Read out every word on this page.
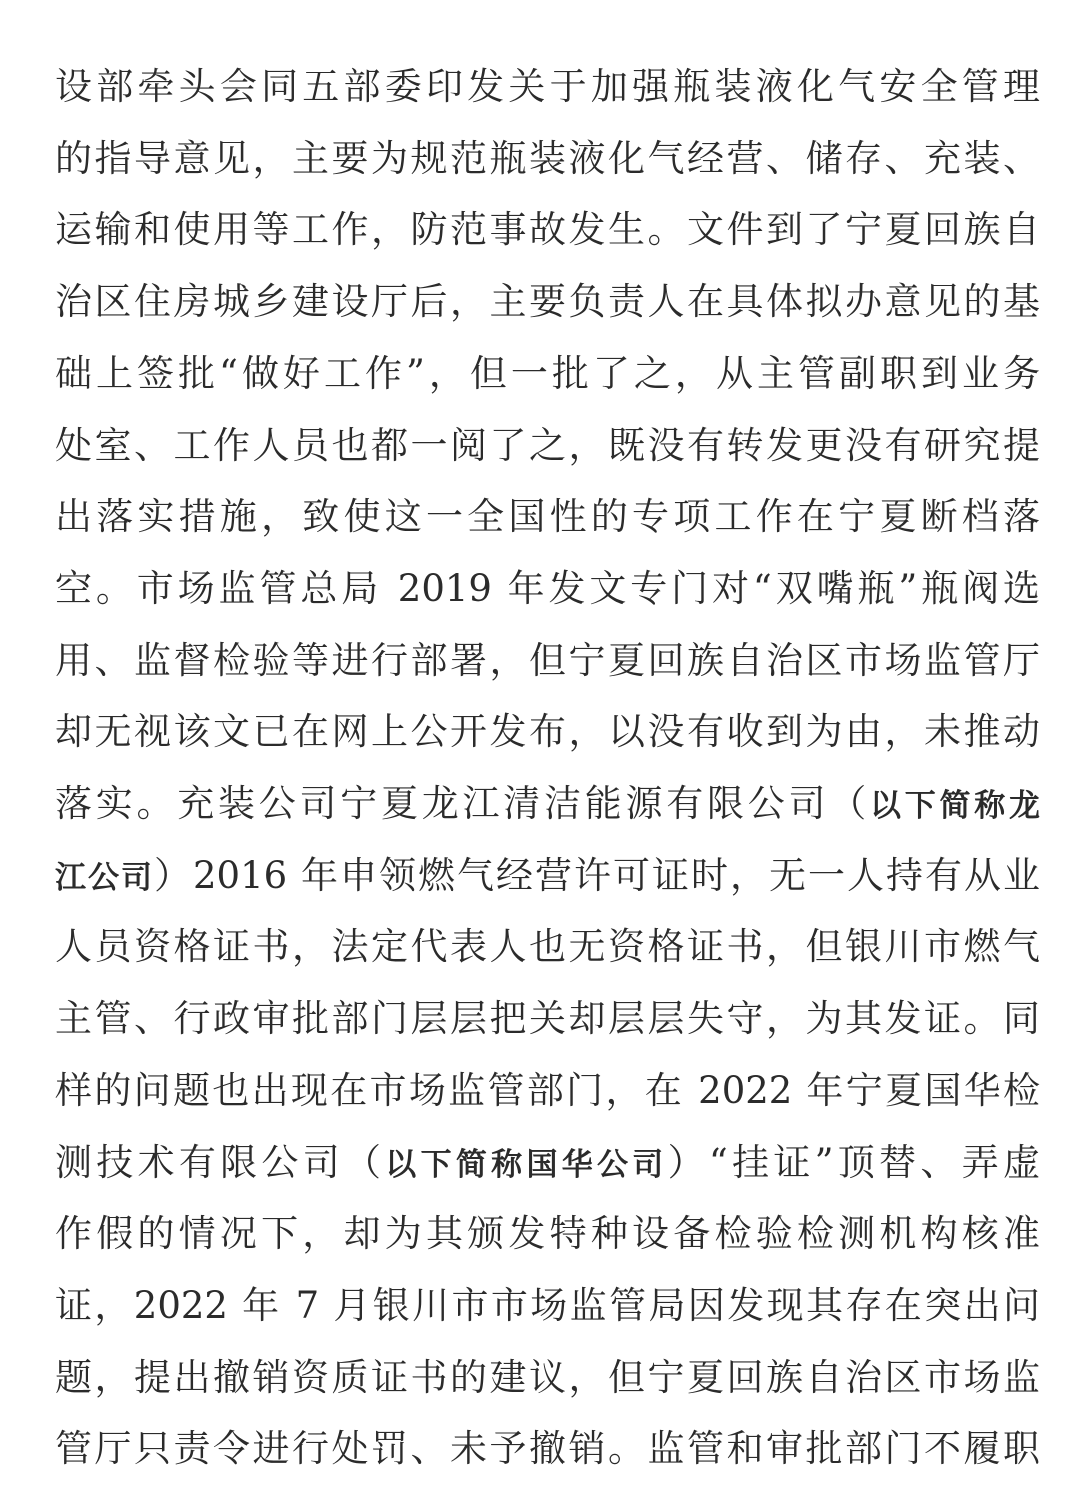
设部牵头会同五部委印发关于加强瓶装液化气安全管理
的指导意见，主要为规范瓶装液化气经营、储存、充装、
运输和使用等工作，防范事故发生。文件到了宁夏回族自
治区住房城乡建设厅后，主要负责人在具体拟办意见的基
础上签批“做好工作”，但一批了之，从主管副职到业务
处室、工作人员也都一阅了之，既没有转发更没有研究提
出落实措施，致使这一全国性的专项工作在宁夏断档落
空。市场监管总局 2019 年发文专门对“双嘴瓶”瓶阀选
用、监督检验等进行部署，但宁夏回族自治区市场监管厅
却无视该文已在网上公开发布，以没有收到为由，未推动
落实。充装公司宁夏龙江清洁能源有限公司（以下简称龙
江公司）2016 年申领燃气经营许可证时，无一人持有从业
人员资格证书，法定代表人也无资格证书，但银川市燃气
主管、行政审批部门层层把关却层层失守，为其发证。同
样的问题也出现在市场监管部门，在 2022 年宁夏国华检
测技术有限公司（以下简称国华公司）“挂证”顶替、弄虚
作假的情况下，却为其颁发特种设备检验检测机构核准
证，2022 年 7 月银川市市场监管局因发现其存在突出问
题，提出撤销资质证书的建议，但宁夏回族自治区市场监
管厅只责令进行处罚、未予撤销。监管和审批部门不履职
